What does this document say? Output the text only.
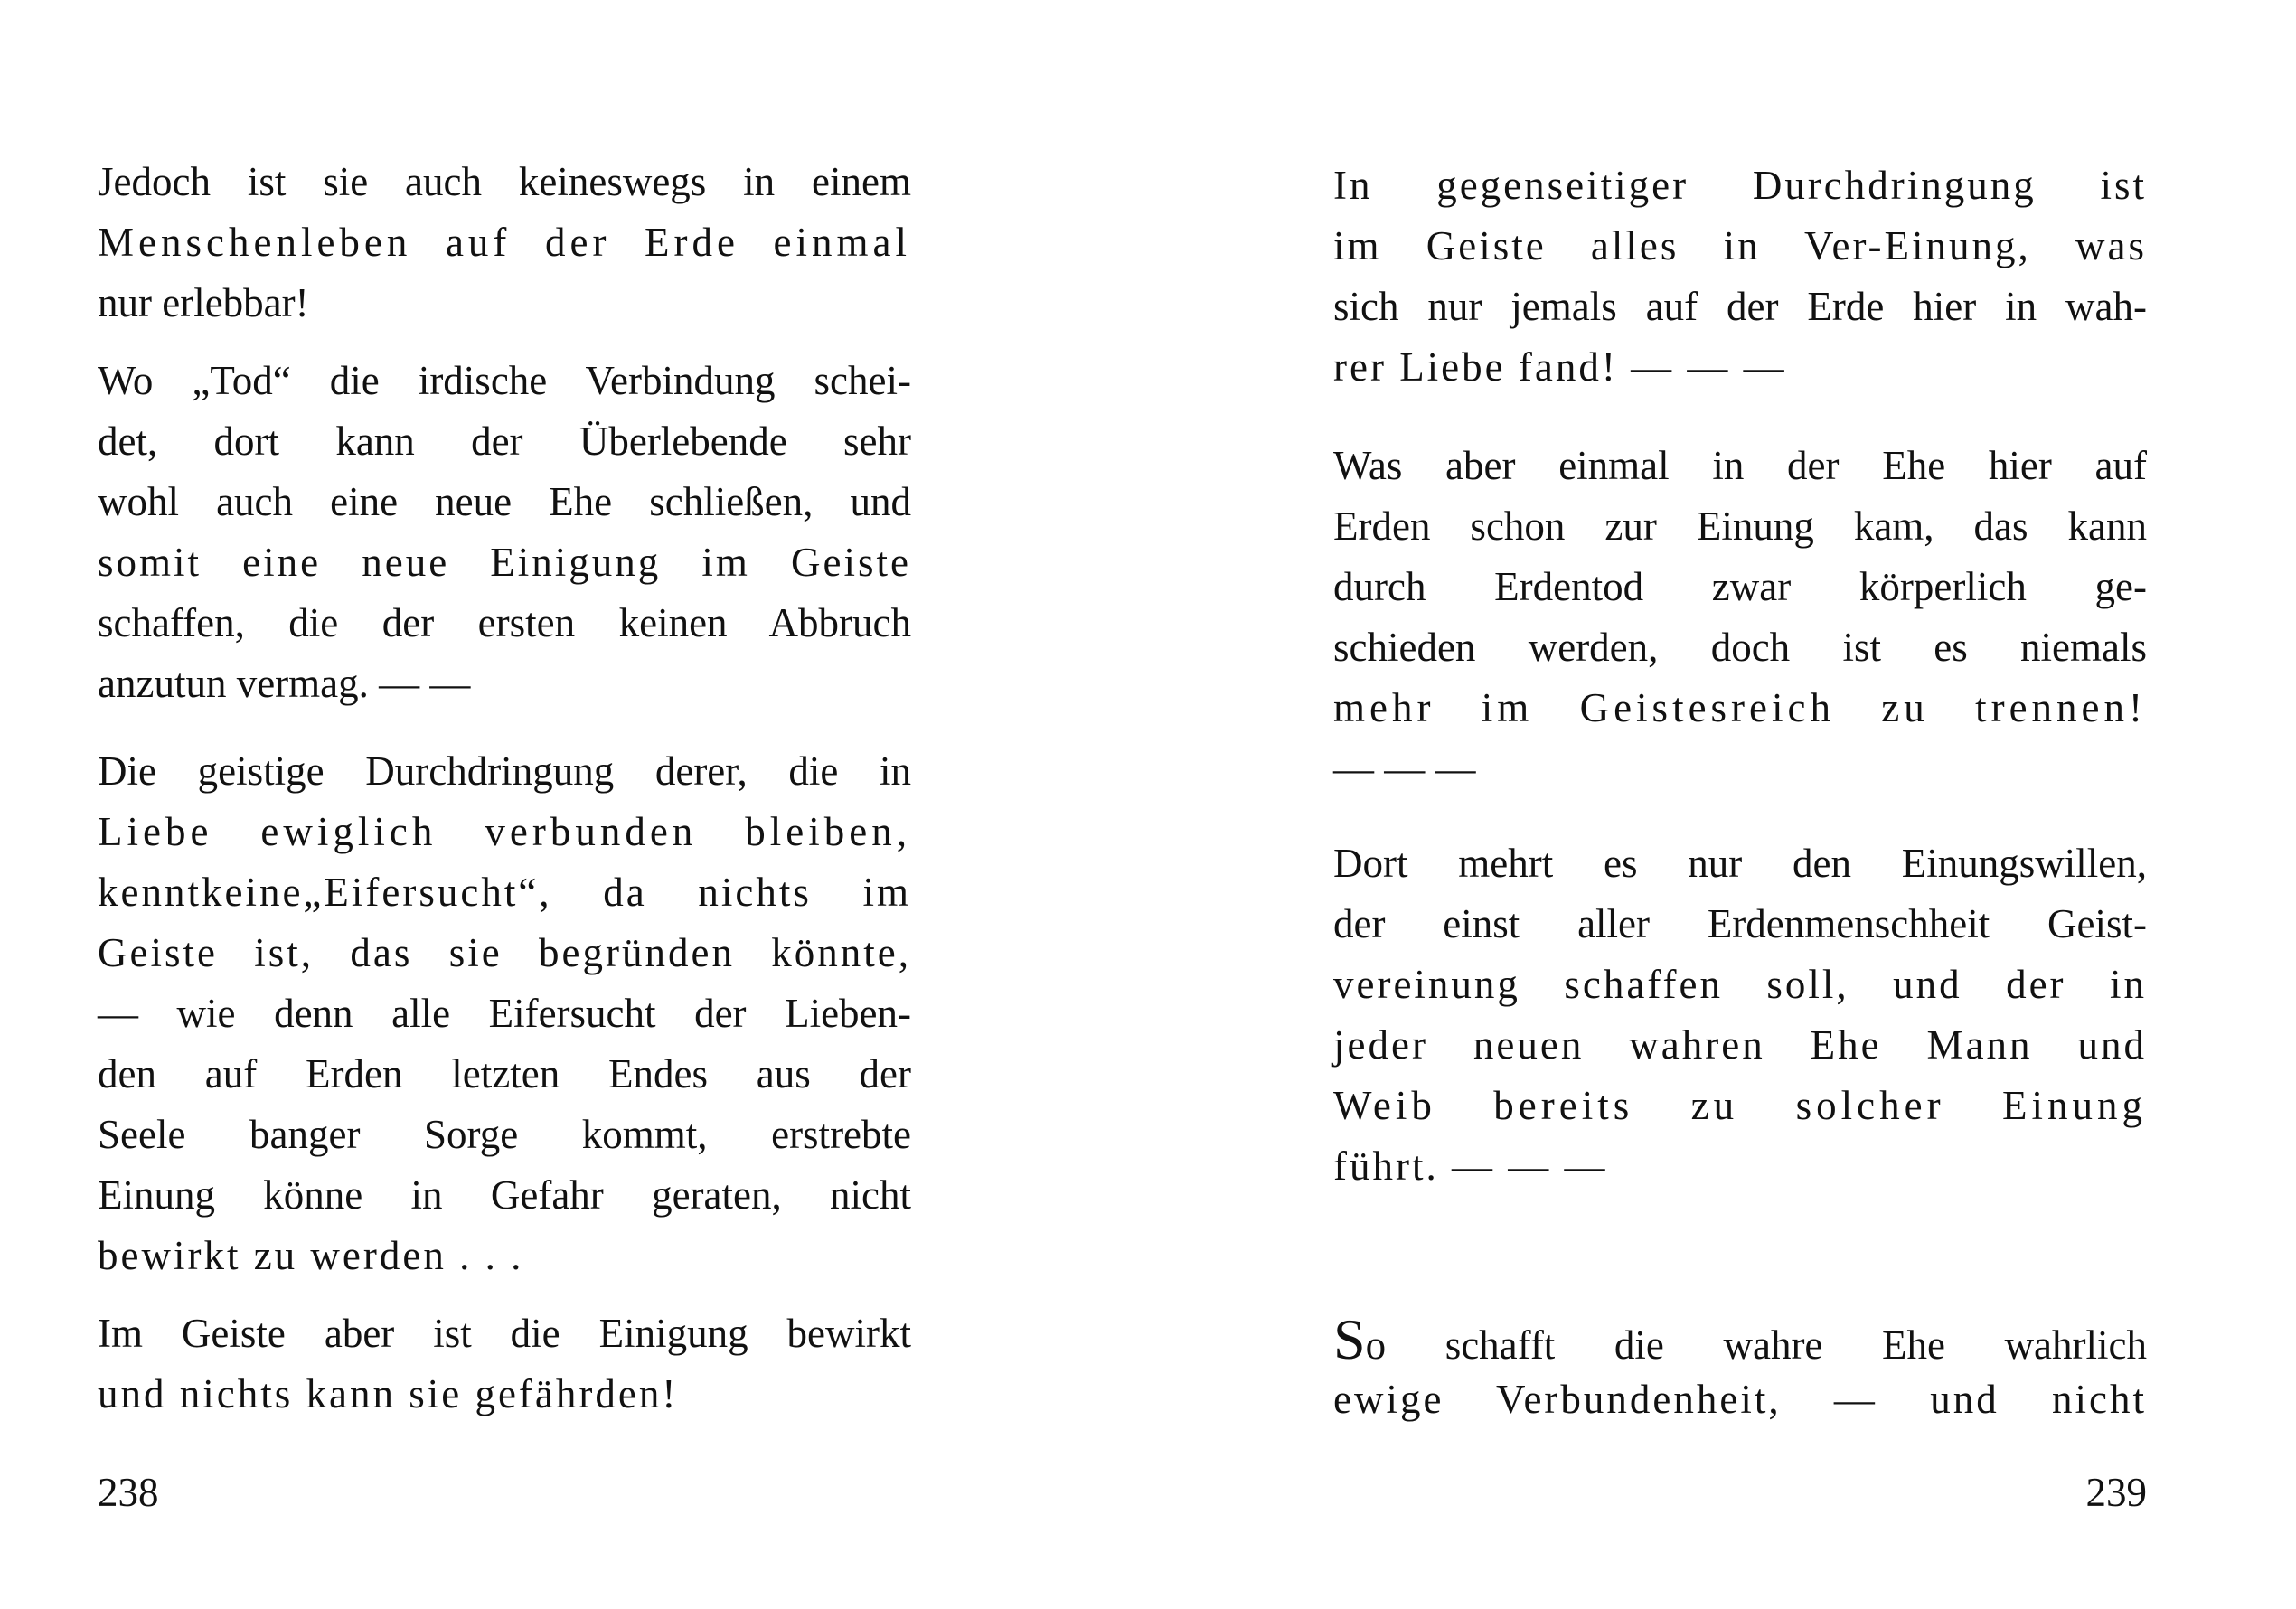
Jedoch ist sie auch keineswegs in einem
Menschenleben auf der Erde einmal
nur erlebbar!
Wo „Tod“ die irdische Verbindung schei-
det, dort kann der Überlebende sehr
wohl auch eine neue Ehe schließen, und
somit eine neue Einigung im Geiste
schaffen, die der ersten keinen Abbruch
anzutun vermag. — —
Die geistige Durchdringung derer, die in
Liebe ewiglich verbunden bleiben,
kenntkeine„Eifersucht“, da nichts im
Geiste ist, das sie begründen könnte,
— wie denn alle Eifersucht der Lieben-
den auf Erden letzten Endes aus der
Seele banger Sorge kommt, erstrebte
Einung könne in Gefahr geraten, nicht
bewirkt zu werden . . .
Im Geiste aber ist die Einigung bewirkt
und nichts kann sie gefährden!
238
In gegenseitiger Durchdringung ist
im Geiste alles in Ver-Einung, was
sich nur jemals auf der Erde hier in wah-
rer Liebe fand! — — —
Was aber einmal in der Ehe hier auf
Erden schon zur Einung kam, das kann
durch Erdentod zwar körperlich ge-
schieden werden, doch ist es niemals
mehr im Geistesreich zu trennen!
— — —
Dort mehrt es nur den Einungswillen,
der einst aller Erdenmenschheit Geist-
vereinung schaffen soll, und der in
jeder neuen wahren Ehe Mann und
Weib bereits zu solcher Einung
führt. — — —
So schafft die wahre Ehe wahrlich
ewige Verbundenheit, — und nicht
239
